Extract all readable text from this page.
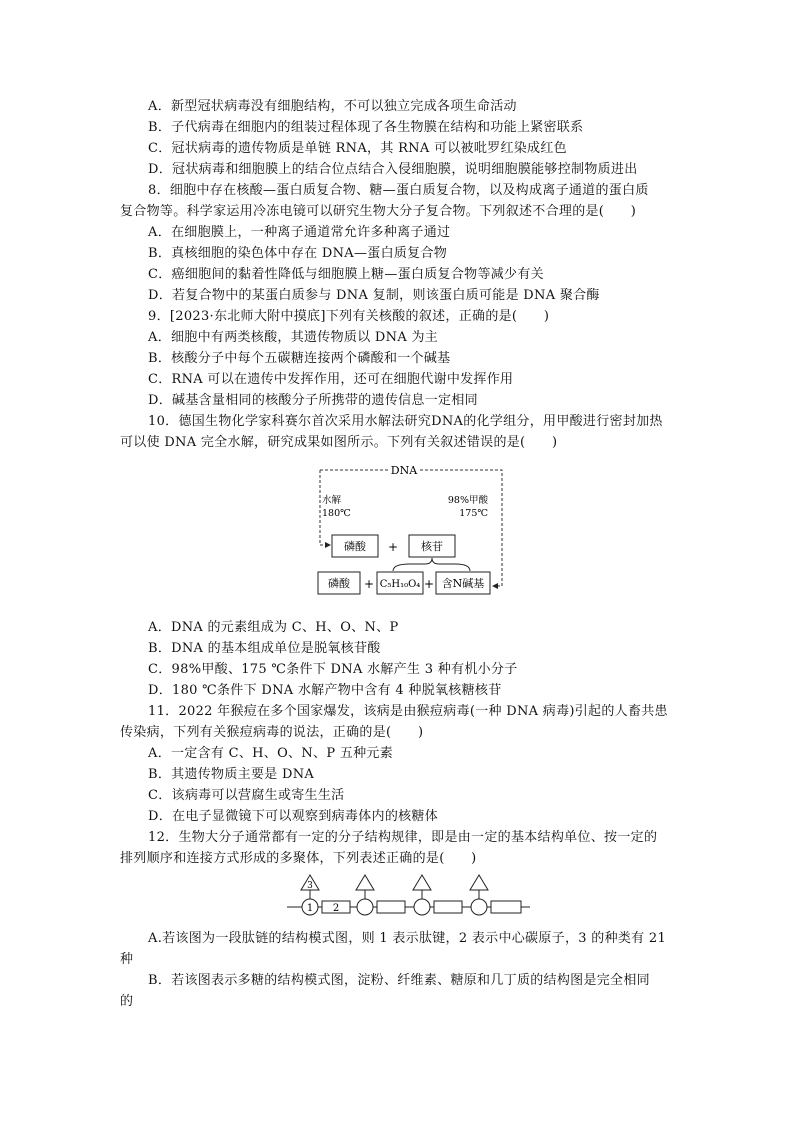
A．新型冠状病毒没有细胞结构，不可以独立完成各项生命活动
B．子代病毒在细胞内的组装过程体现了各生物膜在结构和功能上紧密联系
C．冠状病毒的遗传物质是单链 RNA，其 RNA 可以被吡罗红染成红色
D．冠状病毒和细胞膜上的结合位点结合入侵细胞膜，说明细胞膜能够控制物质进出
8．细胞中存在核酸—蛋白质复合物、糖—蛋白质复合物，以及构成离子通道的蛋白质
复合物等。科学家运用冷冻电镜可以研究生物大分子复合物。下列叙述不合理的是(　　)
A．在细胞膜上，一种离子通道常允许多种离子通过
B．真核细胞的染色体中存在 DNA—蛋白质复合物
C．癌细胞间的黏着性降低与细胞膜上糖—蛋白质复合物等减少有关
D．若复合物中的某蛋白质参与 DNA 复制，则该蛋白质可能是 DNA 聚合酶
9．[2023·东北师大附中摸底]下列有关核酸的叙述，正确的是(　　)
A．细胞中有两类核酸，其遗传物质以 DNA 为主
B．核酸分子中每个五碳糖连接两个磷酸和一个碱基
C．RNA 可以在遗传中发挥作用，还可在细胞代谢中发挥作用
D．碱基含量相同的核酸分子所携带的遗传信息一定相同
10．德国生物化学家科赛尔首次采用水解法研究DNA的化学组分，用甲酸进行密封加热
可以使 DNA 完全水解，研究成果如图所示。下列有关叙述错误的是(　　)
DNA
水解
180℃
98%甲酸
175℃
磷酸 + 核苷
磷酸 + C₅H₁₀O₄ + 含N碱基
A．DNA 的元素组成为 C、H、O、N、P
B．DNA 的基本组成单位是脱氧核苷酸
C．98%甲酸、175 ℃条件下 DNA 水解产生 3 种有机小分子
D．180 ℃条件下 DNA 水解产物中含有 4 种脱氧核糖核苷
11．2022 年猴痘在多个国家爆发，该病是由猴痘病毒(一种 DNA 病毒)引起的人畜共患
传染病，下列有关猴痘病毒的说法，正确的是(　　)
A．一定含有 C、H、O、N、P 五种元素
B．其遗传物质主要是 DNA
C．该病毒可以营腐生或寄生生活
D．在电子显微镜下可以观察到病毒体内的核糖体
12．生物大分子通常都有一定的分子结构规律，即是由一定的基本结构单位、按一定的
排列顺序和连接方式形成的多聚体，下列表述正确的是(　　)
3
1 2
A.若该图为一段肽链的结构模式图，则 1 表示肽键，2 表示中心碳原子，3 的种类有 21
种
B．若该图表示多糖的结构模式图，淀粉、纤维素、糖原和几丁质的结构图是完全相同
的
